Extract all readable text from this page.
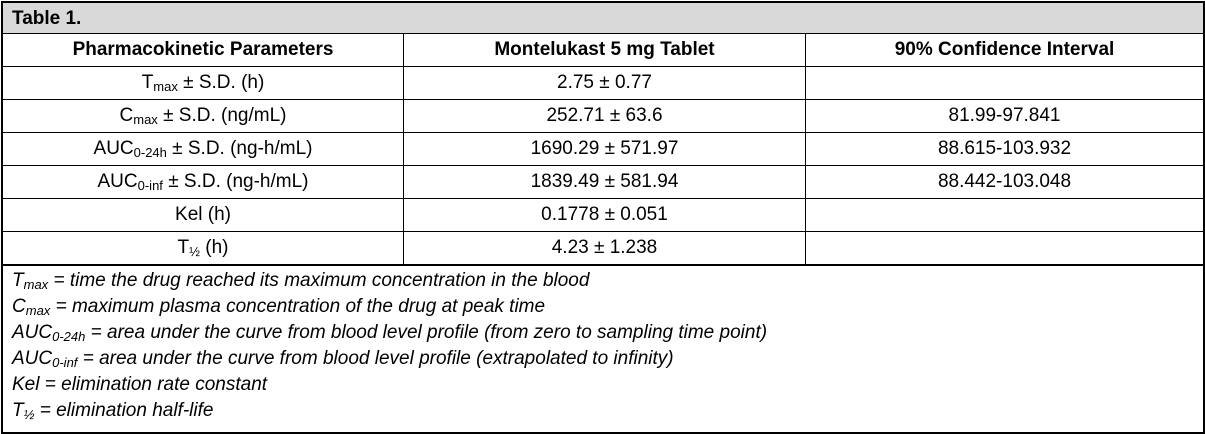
Table 1.
Pharmacokinetic Parameters	Montelukast 5 mg Tablet	90% Confidence Interval
$T_{max} \pm S.D$. (h)	2.75 ± 0.77	
$C_{max} \pm S.D$. (ng/mL)	252.71 ± 63.6	81.99-97.841
$AUC_{0-24h} \pm S.D$. (ng-h/mL)	1690.29 ± 571.97	88.615-103.932
$AUC_{0-inf} \pm S.D$. (ng-h/mL)	1839.49 ± 581.94	88.442-103.048
Kel (h)	0.1778 ± 0.051	
$T_{\frac{1}{2}}$ (h)	4.23 ± 1.238	
$T_{max}$ = time the drug reached its maximum concentration in the blood
$C_{max}$ = maximum plasma concentration of the drug at peak time
$AUC_{0-24h}$ = area under the curve from blood level profile (from zero to sampling time point)
$AUC_{0-inf}$ = area under the curve from blood level profile (extrapolated to infinity)
Kel = elimination rate constant
$T_{\frac{1}{2}}$ = elimination half-life
